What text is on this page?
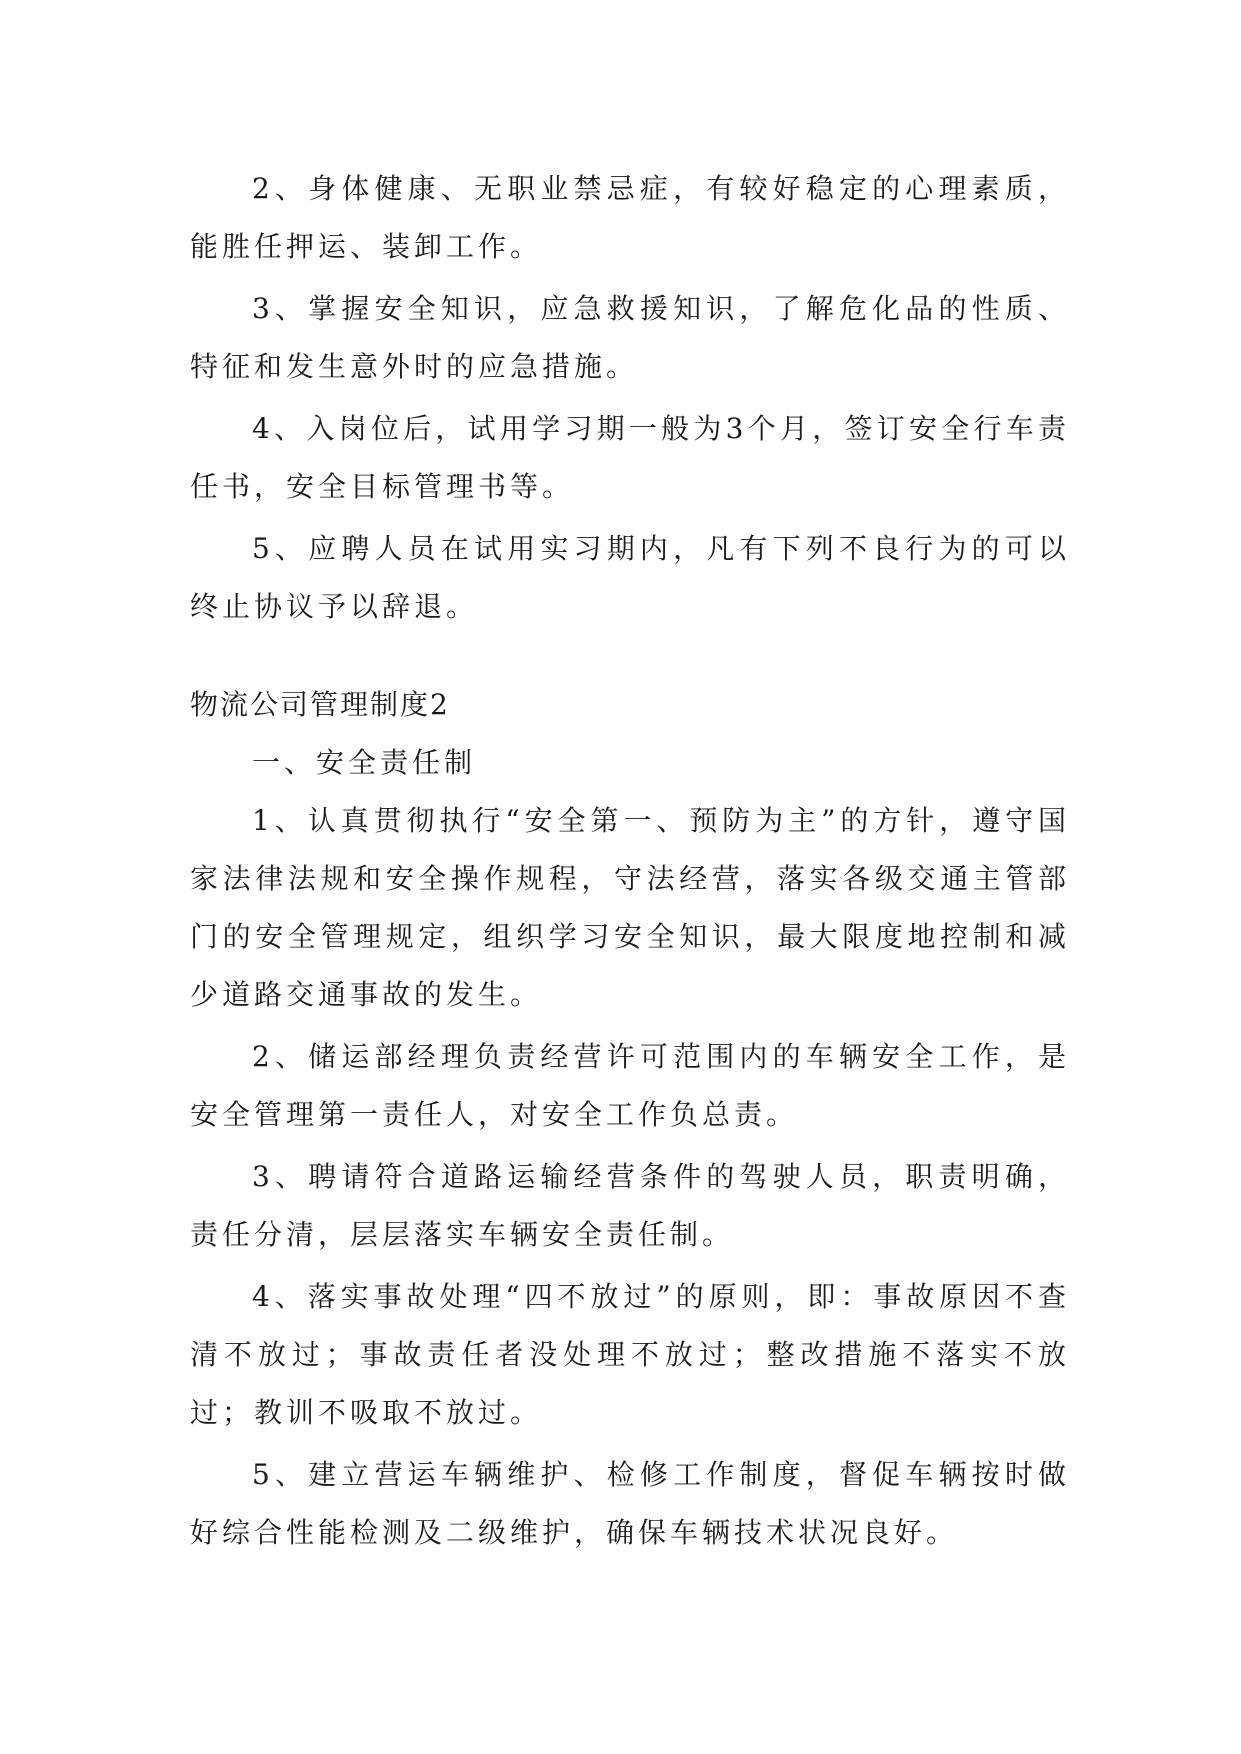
2、身体健康、无职业禁忌症，有较好稳定的心理素质，能胜任押运、装卸工作。

3、掌握安全知识，应急救援知识，了解危化品的性质、特征和发生意外时的应急措施。

4、入岗位后，试用学习期一般为3个月，签订安全行车责任书，安全目标管理书等。

5、应聘人员在试用实习期内，凡有下列不良行为的可以终止协议予以辞退。

物流公司管理制度2

一、安全责任制

1、认真贯彻执行“安全第一、预防为主”的方针，遵守国家法律法规和安全操作规程，守法经营，落实各级交通主管部门的安全管理规定，组织学习安全知识，最大限度地控制和减少道路交通事故的发生。

2、储运部经理负责经营许可范围内的车辆安全工作，是安全管理第一责任人，对安全工作负总责。

3、聘请符合道路运输经营条件的驾驶人员，职责明确，责任分清，层层落实车辆安全责任制。

4、落实事故处理“四不放过”的原则，即：事故原因不查清不放过；事故责任者没处理不放过；整改措施不落实不放过；教训不吸取不放过。

5、建立营运车辆维护、检修工作制度，督促车辆按时做好综合性能检测及二级维护，确保车辆技术状况良好。
